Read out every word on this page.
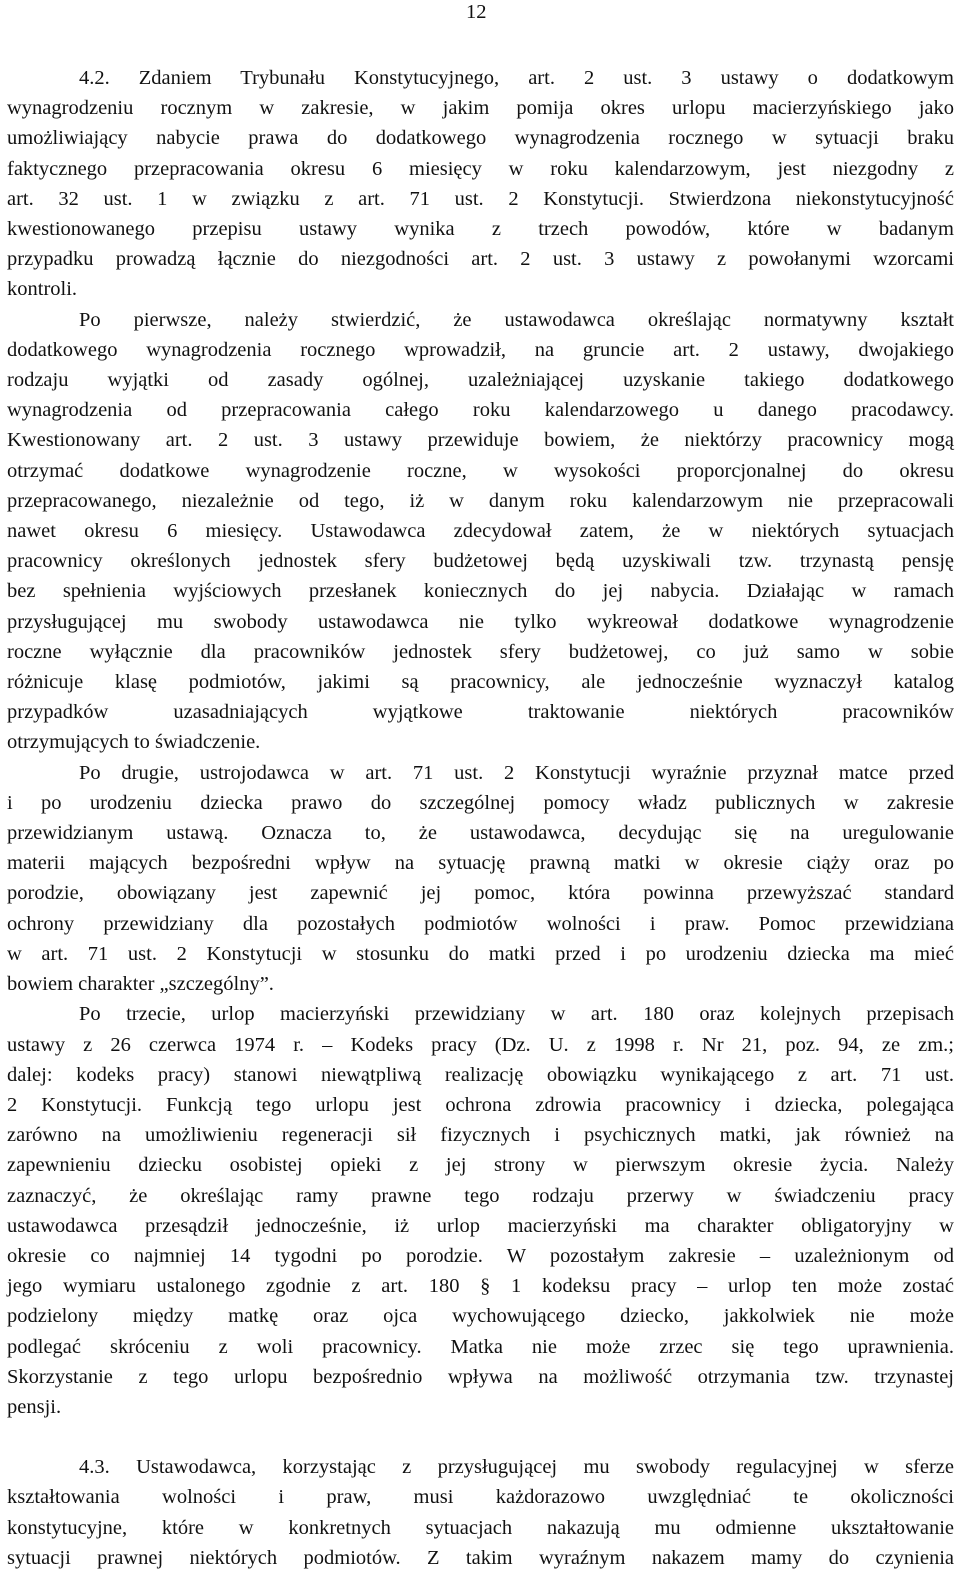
12

4.2. Zdaniem Trybunału Konstytucyjnego, art. 2 ust. 3 ustawy o dodatkowym
wynagrodzeniu rocznym w zakresie, w jakim pomija okres urlopu macierzyńskiego jako
umożliwiający nabycie prawa do dodatkowego wynagrodzenia rocznego w sytuacji braku
faktycznego przepracowania okresu 6 miesięcy w roku kalendarzowym, jest niezgodny z
art. 32 ust. 1 w związku z art. 71 ust. 2 Konstytucji. Stwierdzona niekonstytucyjność
kwestionowanego przepisu ustawy wynika z trzech powodów, które w badanym
przypadku prowadzą łącznie do niezgodności art. 2 ust. 3 ustawy z powołanymi wzorcami
kontroli.

Po pierwsze, należy stwierdzić, że ustawodawca określając normatywny kształt
dodatkowego wynagrodzenia rocznego wprowadził, na gruncie art. 2 ustawy, dwojakiego
rodzaju wyjątki od zasady ogólnej, uzależniającej uzyskanie takiego dodatkowego
wynagrodzenia od przepracowania całego roku kalendarzowego u danego pracodawcy.
Kwestionowany art. 2 ust. 3 ustawy przewiduje bowiem, że niektórzy pracownicy mogą
otrzymać dodatkowe wynagrodzenie roczne, w wysokości proporcjonalnej do okresu
przepracowanego, niezależnie od tego, iż w danym roku kalendarzowym nie przepracowali
nawet okresu 6 miesięcy. Ustawodawca zdecydował zatem, że w niektórych sytuacjach
pracownicy określonych jednostek sfery budżetowej będą uzyskiwali tzw. trzynastą pensję
bez spełnienia wyjściowych przesłanek koniecznych do jej nabycia. Działając w ramach
przysługującej mu swobody ustawodawca nie tylko wykreował dodatkowe wynagrodzenie
roczne wyłącznie dla pracowników jednostek sfery budżetowej, co już samo w sobie
różnicuje klasę podmiotów, jakimi są pracownicy, ale jednocześnie wyznaczył katalog
przypadków uzasadniających wyjątkowe traktowanie niektórych pracowników
otrzymujących to świadczenie.

Po drugie, ustrojodawca w art. 71 ust. 2 Konstytucji wyraźnie przyznał matce przed
i po urodzeniu dziecka prawo do szczególnej pomocy władz publicznych w zakresie
przewidzianym ustawą. Oznacza to, że ustawodawca, decydując się na uregulowanie
materii mających bezpośredni wpływ na sytuację prawną matki w okresie ciąży oraz po
porodzie, obowiązany jest zapewnić jej pomoc, która powinna przewyższać standard
ochrony przewidziany dla pozostałych podmiotów wolności i praw. Pomoc przewidziana
w art. 71 ust. 2 Konstytucji w stosunku do matki przed i po urodzeniu dziecka ma mieć
bowiem charakter „szczególny”.

Po trzecie, urlop macierzyński przewidziany w art. 180 oraz kolejnych przepisach
ustawy z 26 czerwca 1974 r. – Kodeks pracy (Dz. U. z 1998 r. Nr 21, poz. 94, ze zm.;
dalej: kodeks pracy) stanowi niewątpliwą realizację obowiązku wynikającego z art. 71 ust.
2 Konstytucji. Funkcją tego urlopu jest ochrona zdrowia pracownicy i dziecka, polegająca
zarówno na umożliwieniu regeneracji sił fizycznych i psychicznych matki, jak również na
zapewnieniu dziecku osobistej opieki z jej strony w pierwszym okresie życia. Należy
zaznaczyć, że określając ramy prawne tego rodzaju przerwy w świadczeniu pracy
ustawodawca przesądził jednocześnie, iż urlop macierzyński ma charakter obligatoryjny w
okresie co najmniej 14 tygodni po porodzie. W pozostałym zakresie – uzależnionym od
jego wymiaru ustalonego zgodnie z art. 180 § 1 kodeksu pracy – urlop ten może zostać
podzielony między matkę oraz ojca wychowującego dziecko, jakkolwiek nie może
podlegać skróceniu z woli pracownicy. Matka nie może zrzec się tego uprawnienia.
Skorzystanie z tego urlopu bezpośrednio wpływa na możliwość otrzymania tzw. trzynastej
pensji.

4.3. Ustawodawca, korzystając z przysługującej mu swobody regulacyjnej w sferze
kształtowania wolności i praw, musi każdorazowo uwzględniać te okoliczności
konstytucyjne, które w konkretnych sytuacjach nakazują mu odmienne ukształtowanie
sytuacji prawnej niektórych podmiotów. Z takim wyraźnym nakazem mamy do czynienia
